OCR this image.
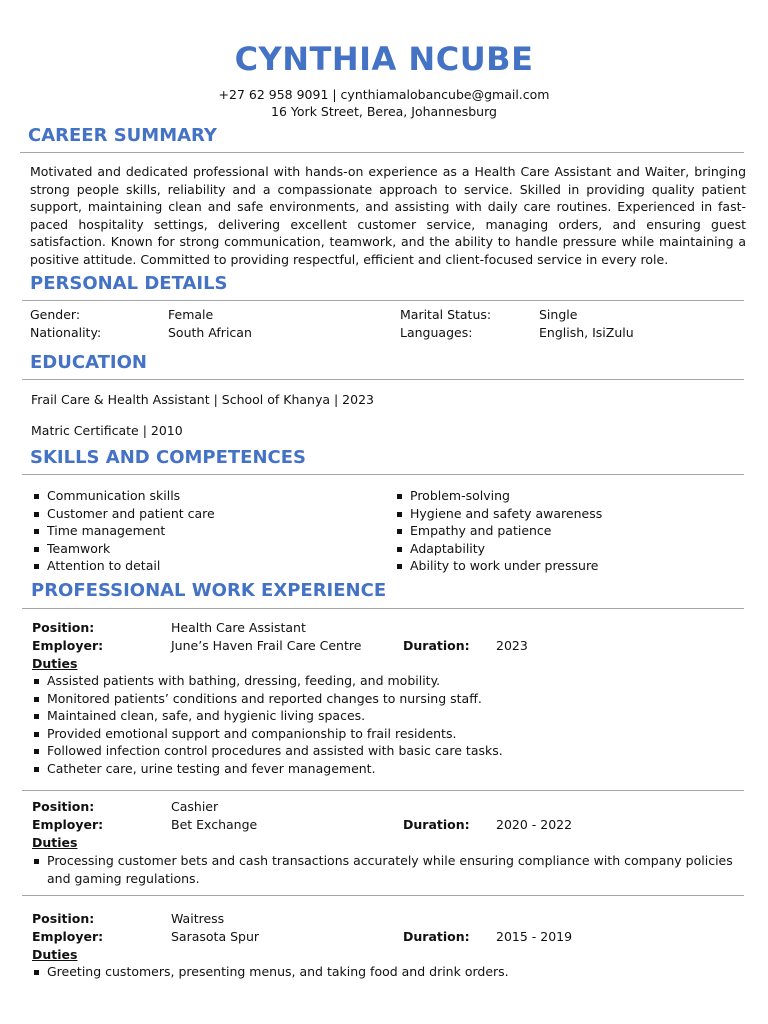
CYNTHIA NCUBE
+27 62 958 9091 | cynthiamalobancube@gmail.com
16 York Street, Berea, Johannesburg
CAREER SUMMARY
Motivated and dedicated professional with hands-on experience as a Health Care Assistant and Waiter, bringing strong people skills, reliability and a compassionate approach to service. Skilled in providing quality patient support, maintaining clean and safe environments, and assisting with daily care routines. Experienced in fast-paced hospitality settings, delivering excellent customer service, managing orders, and ensuring guest satisfaction. Known for strong communication, teamwork, and the ability to handle pressure while maintaining a positive attitude. Committed to providing respectful, efficient and client-focused service in every role.
PERSONAL DETAILS
Gender:	Female	Marital Status:	Single
Nationality:	South African	Languages:	English, IsiZulu
EDUCATION
Frail Care & Health Assistant | School of Khanya | 2023
Matric Certificate | 2010
SKILLS AND COMPETENCES
Communication skills
Customer and patient care
Time management
Teamwork
Attention to detail
Problem-solving
Hygiene and safety awareness
Empathy and patience
Adaptability
Ability to work under pressure
PROFESSIONAL WORK EXPERIENCE
Position:	Health Care Assistant
Employer:	June’s Haven Frail Care Centre	Duration: 2023
Duties
Assisted patients with bathing, dressing, feeding, and mobility.
Monitored patients’ conditions and reported changes to nursing staff.
Maintained clean, safe, and hygienic living spaces.
Provided emotional support and companionship to frail residents.
Followed infection control procedures and assisted with basic care tasks.
Catheter care, urine testing and fever management.
Position:	Cashier
Employer:	Bet Exchange	Duration: 2020 - 2022
Duties
Processing customer bets and cash transactions accurately while ensuring compliance with company policies and gaming regulations.
Position:	Waitress
Employer:	Sarasota Spur	Duration: 2015 - 2019
Duties
Greeting customers, presenting menus, and taking food and drink orders.
